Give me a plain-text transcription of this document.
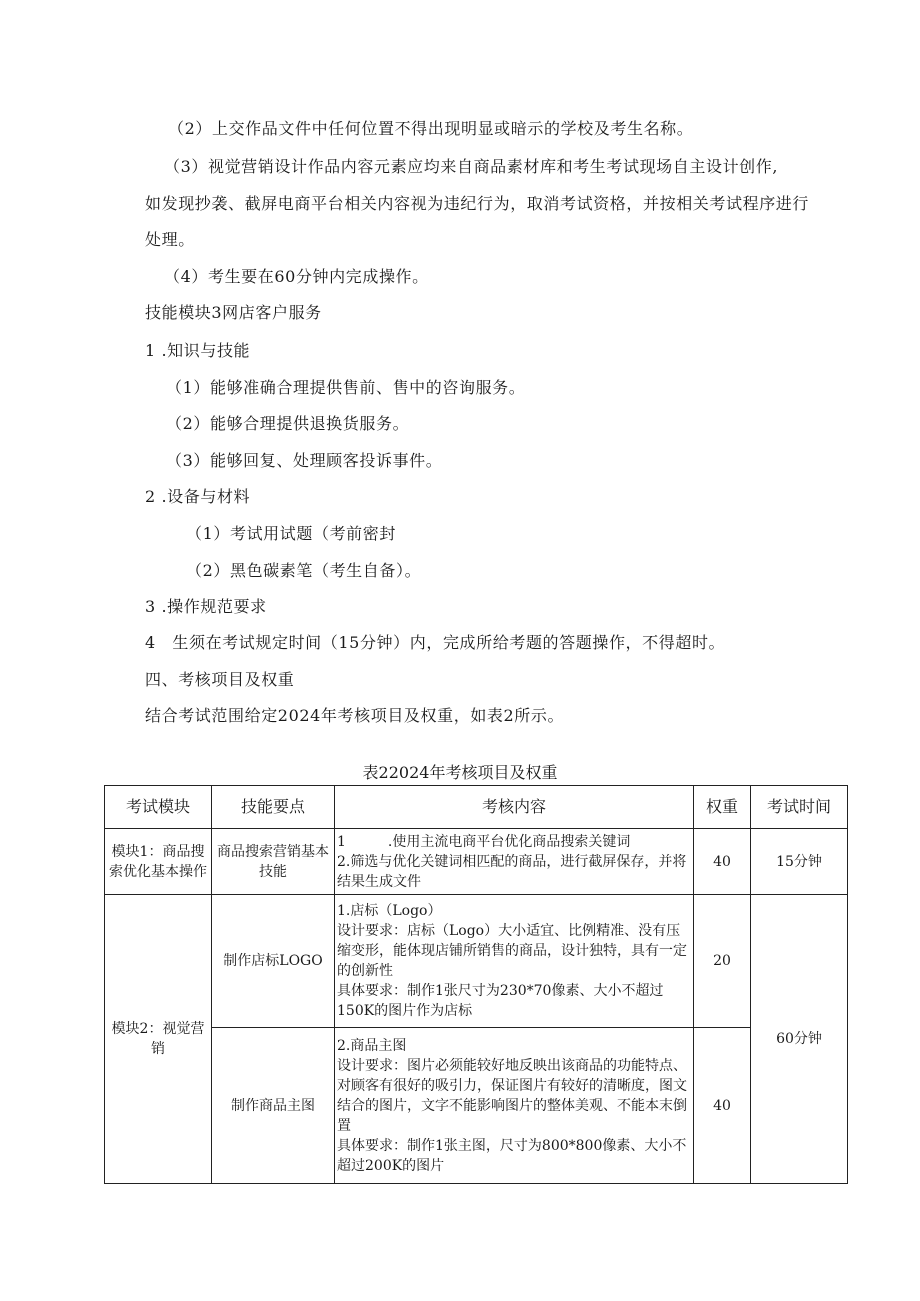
（2）上交作品文件中任何位置不得出现明显或暗示的学校及考生名称。
（3）视觉营销设计作品内容元素应均来自商品素材库和考生考试现场自主设计创作,
如发现抄袭、截屏电商平台相关内容视为违纪行为，取消考试资格，并按相关考试程序进行
处理。
（4）考生要在60分钟内完成操作。
技能模块3网店客户服务
1 .知识与技能
（1）能够准确合理提供售前、售中的咨询服务。
（2）能够合理提供退换货服务。
（3）能够回复、处理顾客投诉事件。
2 .设备与材料
（1）考试用试题（考前密封
（2）黑色碳素笔（考生自备）。
3 .操作规范要求
4　生须在考试规定时间（15分钟）内，完成所给考题的答题操作，不得超时。
四、考核项目及权重
结合考试范围给定2024年考核项目及权重，如表2所示。
表22024年考核项目及权重
考试模块	技能要点	考核内容	权重	考试时间
模块1：商品搜索优化基本操作	商品搜索营销基本技能	1　　　.使用主流电商平台优化商品搜索关键词
2.筛选与优化关键词相匹配的商品，进行截屏保存，并将结果生成文件	40	15分钟
模块2：视觉营销	制作店标LOGO	1.店标（Logo）
设计要求：店标（Logo）大小适宜、比例精准、没有压缩变形，能体现店铺所销售的商品，设计独特，具有一定的创新性
具体要求：制作1张尺寸为230*70像素、大小不超过150K的图片作为店标	20	60分钟
	制作商品主图	2.商品主图
设计要求：图片必须能较好地反映出该商品的功能特点、对顾客有很好的吸引力，保证图片有较好的清晰度，图文结合的图片，文字不能影响图片的整体美观、不能本末倒置
具体要求：制作1张主图，尺寸为800*800像素、大小不超过200K的图片	40	
